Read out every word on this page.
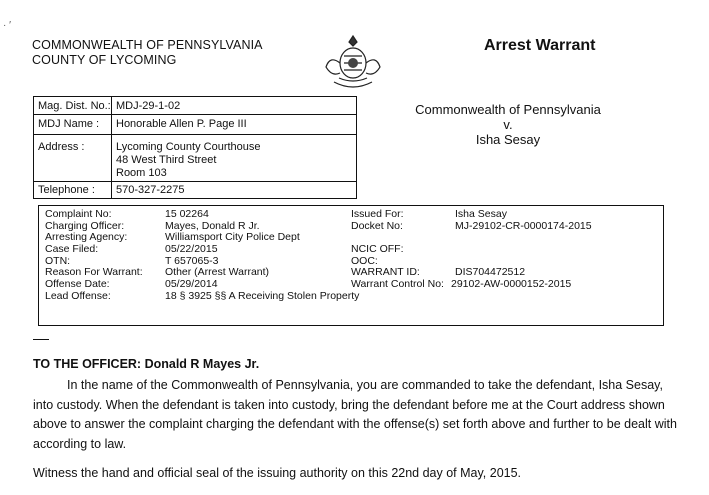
· ′
COMMONWEALTH OF PENNSYLVANIA
COUNTY OF LYCOMING
Arrest Warrant
Mag. Dist. No.: MDJ-29-1-02
MDJ Name : Honorable Allen P. Page III
Address :	Lycoming County Courthouse
48 West Third Street
Room 103
Telephone : 570-327-2275
Commonwealth of Pennsylvania
v.
Isha Sesay
Complaint No:
Charging Officer:
Arresting Agency:
Case Filed:
OTN:
Reason For Warrant:
Offense Date:
Lead Offense:
15 02264
Mayes, Donald R Jr.
Williamsport City Police Dept
05/22/2015
T 657065-3
Other (Arrest Warrant)
05/29/2014
18 § 3925 §§ A Receiving Stolen Property
Issued For:
Docket No:
NCIC OFF:
OOC:
WARRANT ID:
Warrant Control No:
Isha Sesay
MJ-29102-CR-0000174-2015
DIS704472512
29102-AW-0000152-2015
TO THE OFFICER: Donald R Mayes Jr.
In the name of the Commonwealth of Pennsylvania, you are commanded to take the defendant, Isha Sesay, into custody. When the defendant is taken into custody, bring the defendant before me at the Court address shown above to answer the complaint charging the defendant with the offense(s) set forth above and further to be dealt with according to law.
Witness the hand and official seal of the issuing authority on this 22nd day of May, 2015.
